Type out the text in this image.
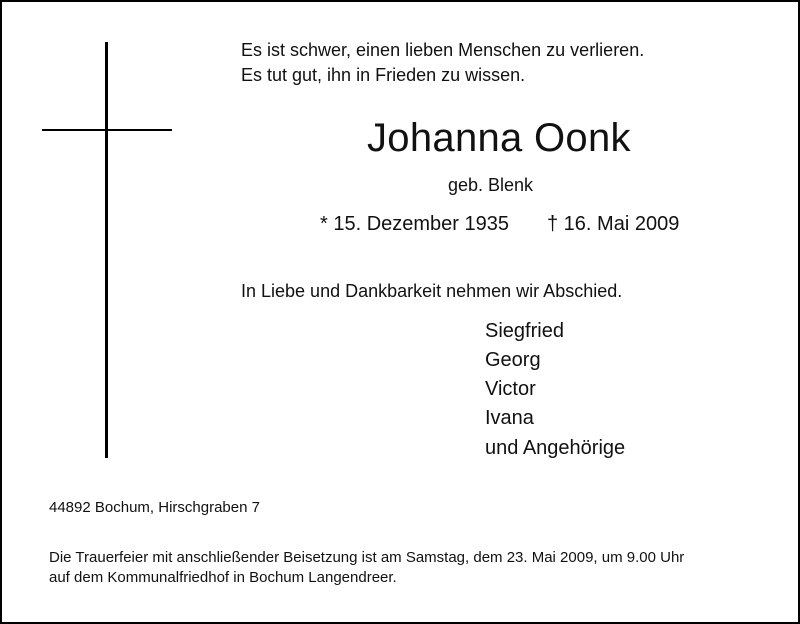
Es ist schwer, einen lieben Menschen zu verlieren.
Es tut gut, ihn in Frieden zu wissen.
Johanna Oonk
geb. Blenk
* 15. Dezember 1935 † 16. Mai 2009
In Liebe und Dankbarkeit nehmen wir Abschied.
Siegfried
Georg
Victor
Ivana
und Angehörige
44892 Bochum, Hirschgraben 7
Die Trauerfeier mit anschließender Beisetzung ist am Samstag, dem 23. Mai 2009, um 9.00 Uhr
auf dem Kommunalfriedhof in Bochum Langendreer.
